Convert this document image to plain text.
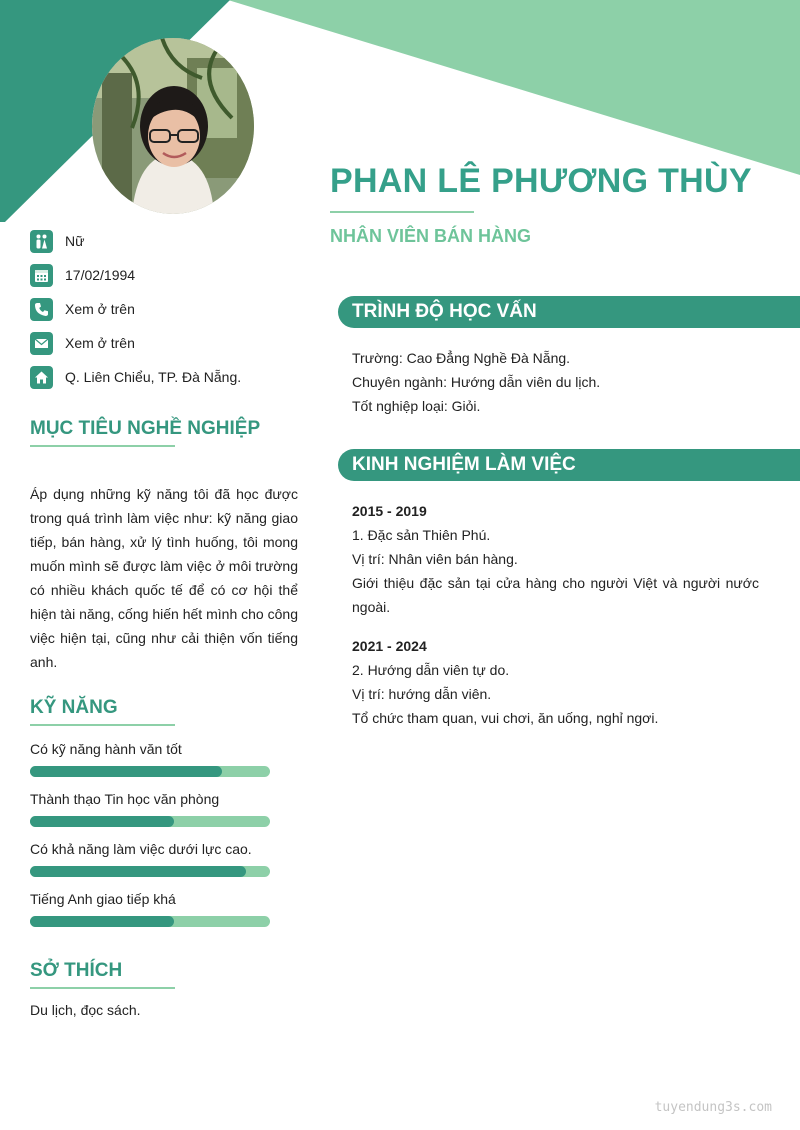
PHAN LÊ PHƯƠNG THÙY
NHÂN VIÊN BÁN HÀNG
Nữ
17/02/1994
Xem ở trên
Xem ở trên
Q. Liên Chiểu, TP. Đà Nẵng.
MỤC TIÊU NGHỀ NGHIỆP
Áp dụng những kỹ năng tôi đã học được trong quá trình làm việc như: kỹ năng giao tiếp, bán hàng, xử lý tình huống, tôi mong muốn mình sẽ được làm việc ở môi trường có nhiều khách quốc tế để có cơ hội thể hiện tài năng, cống hiến hết mình cho công việc hiện tại, cũng như cải thiện vốn tiếng anh.
KỸ NĂNG
Có kỹ năng hành văn tốt
Thành thạo Tin học văn phòng
Có khả năng làm việc dưới lực cao.
Tiếng Anh giao tiếp khá
SỞ THÍCH
Du lịch, đọc sách.
TRÌNH ĐỘ HỌC VẤN
Trường: Cao Đẳng Nghề Đà Nẵng.
Chuyên ngành: Hướng dẫn viên du lịch.
Tốt nghiệp loại: Giỏi.
KINH NGHIỆM LÀM VIỆC
2015 - 2019
1. Đặc sản Thiên Phú.
Vị trí: Nhân viên bán hàng.
Giới thiệu đặc sản tại cửa hàng cho người Việt và người nước ngoài.
2021 - 2024
2. Hướng dẫn viên tự do.
Vị trí: hướng dẫn viên.
Tổ chức tham quan, vui chơi, ăn uống, nghỉ ngơi.
tuyendung3s.com
